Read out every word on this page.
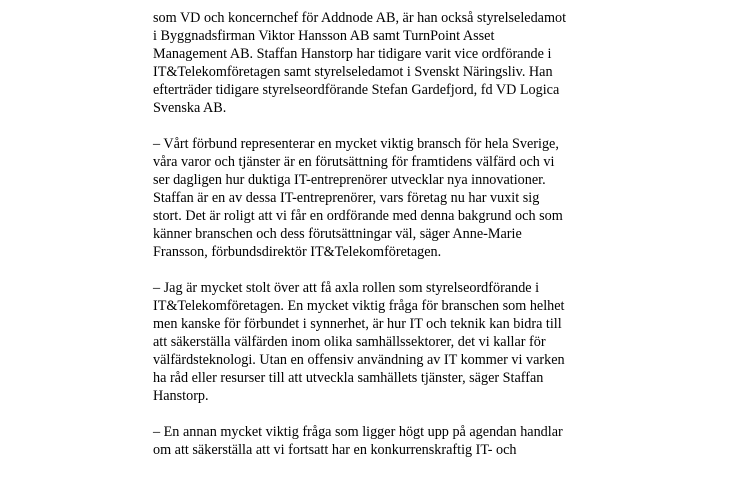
som VD och koncernchef för Addnode AB, är han också styrelseledamot
i Byggnadsfirman Viktor Hansson AB samt TurnPoint Asset
Management AB. Staffan Hanstorp har tidigare varit vice ordförande i
IT&Telekomföretagen samt styrelseledamot i Svenskt Näringsliv. Han
efterträder tidigare styrelseordförande Stefan Gardefjord, fd VD Logica
Svenska AB.

– Vårt förbund representerar en mycket viktig bransch för hela Sverige,
våra varor och tjänster är en förutsättning för framtidens välfärd och vi
ser dagligen hur duktiga IT-entreprenörer utvecklar nya innovationer.
Staffan är en av dessa IT-entreprenörer, vars företag nu har vuxit sig
stort. Det är roligt att vi får en ordförande med denna bakgrund och som
känner branschen och dess förutsättningar väl, säger Anne-Marie
Fransson, förbundsdirektör IT&Telekomföretagen.

– Jag är mycket stolt över att få axla rollen som styrelseordförande i
IT&Telekomföretagen. En mycket viktig fråga för branschen som helhet
men kanske för förbundet i synnerhet, är hur IT och teknik kan bidra till
att säkerställa välfärden inom olika samhällssektorer, det vi kallar för
välfärdsteknologi. Utan en offensiv användning av IT kommer vi varken
ha råd eller resurser till att utveckla samhällets tjänster, säger Staffan
Hanstorp.

– En annan mycket viktig fråga som ligger högt upp på agendan handlar
om att säkerställa att vi fortsatt har en konkurrenskraftig IT- och
